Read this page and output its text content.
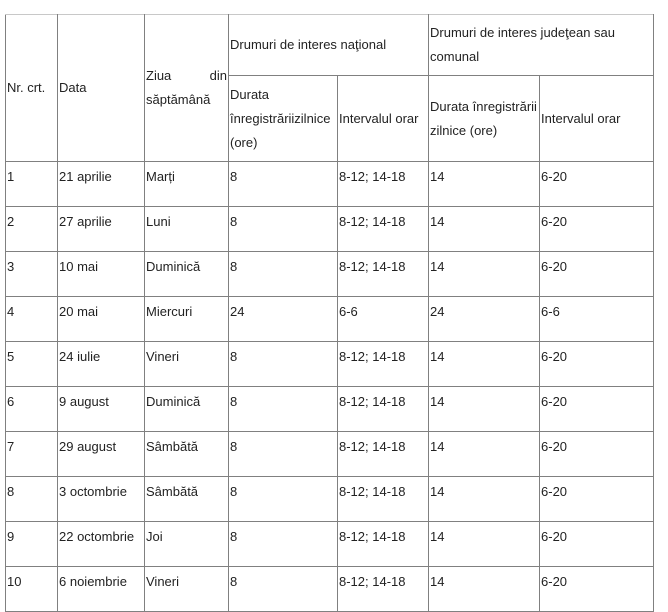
Nr. crt.	Data	Ziua din săptămână	Drumuri de interes naţional		Drumuri de interes judeţean sau comunal	
			Durata înregistrăriizilnice (ore)	Intervalul orar	Durata înregistrării zilnice (ore)	Intervalul orar
1	21 aprilie	Marți	8	8-12; 14-18	14	6-20
2	27 aprilie	Luni	8	8-12; 14-18	14	6-20
3	10 mai	Duminică	8	8-12; 14-18	14	6-20
4	20 mai	Miercuri	24	6-6	24	6-6
5	24 iulie	Vineri	8	8-12; 14-18	14	6-20
6	9 august	Duminică	8	8-12; 14-18	14	6-20
7	29 august	Sâmbătă	8	8-12; 14-18	14	6-20
8	3 octombrie	Sâmbătă	8	8-12; 14-18	14	6-20
9	22 octombrie	Joi	8	8-12; 14-18	14	6-20
10	6 noiembrie	Vineri	8	8-12; 14-18	14	6-20
